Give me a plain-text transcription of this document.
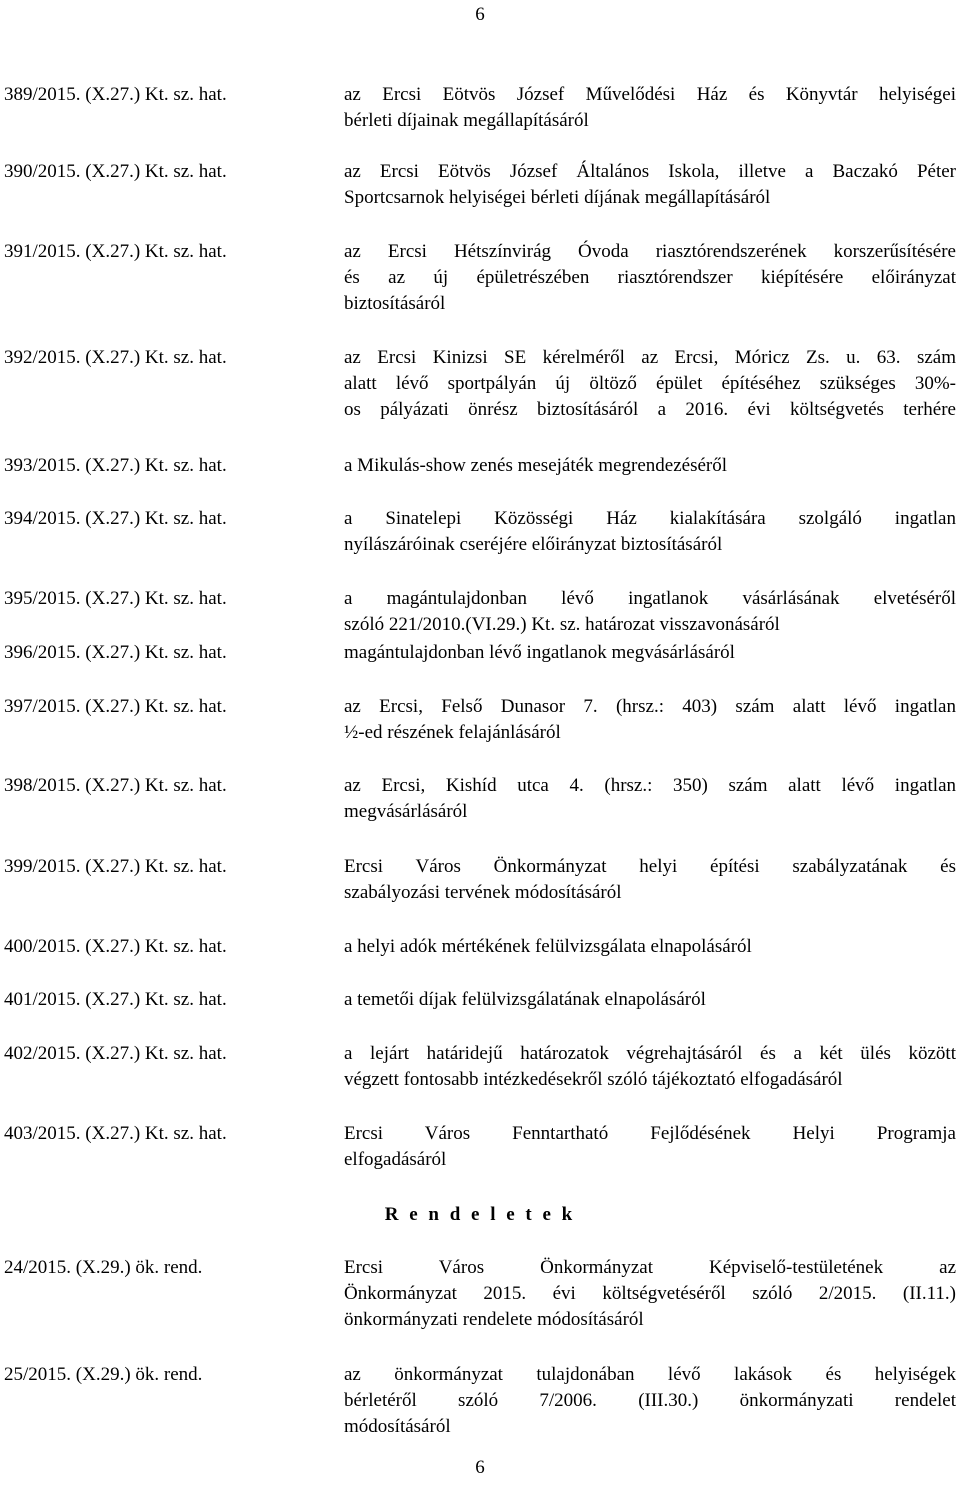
6
389/2015. (X.27.) Kt. sz. hat.	az Ercsi Eötvös József Művelődési Ház és Könyvtár helyiségei
bérleti díjainak megállapításáról
390/2015. (X.27.) Kt. sz. hat.	az Ercsi Eötvös József Általános Iskola, illetve a Baczakó Péter
Sportcsarnok helyiségei bérleti díjának megállapításáról
391/2015. (X.27.) Kt. sz. hat.	az Ercsi Hétszínvirág Óvoda riasztórendszerének korszerűsítésére
és az új épületrészében riasztórendszer kiépítésére előirányzat
biztosításáról
392/2015. (X.27.) Kt. sz. hat.	az Ercsi Kinizsi SE kérelméről az Ercsi, Móricz Zs. u. 63. szám
alatt lévő sportpályán új öltöző épület építéséhez szükséges 30%-
os pályázati önrész biztosításáról a 2016. évi költségvetés terhére
393/2015. (X.27.) Kt. sz. hat.	a Mikulás-show zenés mesejáték megrendezéséről
394/2015. (X.27.) Kt. sz. hat.	a Sinatelepi Közösségi Ház kialakítására szolgáló ingatlan
nyílászáróinak cseréjére előirányzat biztosításáról
395/2015. (X.27.) Kt. sz. hat.	a magántulajdonban lévő ingatlanok vásárlásának elvetéséről
szóló 221/2010.(VI.29.) Kt. sz. határozat visszavonásáról
396/2015. (X.27.) Kt. sz. hat.	magántulajdonban lévő ingatlanok megvásárlásáról
397/2015. (X.27.) Kt. sz. hat.	az Ercsi, Felső Dunasor 7. (hrsz.: 403) szám alatt lévő ingatlan
½-ed részének felajánlásáról
398/2015. (X.27.) Kt. sz. hat.	az Ercsi, Kishíd utca 4. (hrsz.: 350) szám alatt lévő ingatlan
megvásárlásáról
399/2015. (X.27.) Kt. sz. hat.	Ercsi Város Önkormányzat helyi építési szabályzatának és
szabályozási tervének módosításáról
400/2015. (X.27.) Kt. sz. hat.	a helyi adók mértékének felülvizsgálata elnapolásáról
401/2015. (X.27.) Kt. sz. hat.	a temetői díjak felülvizsgálatának elnapolásáról
402/2015. (X.27.) Kt. sz. hat.	a lejárt határidejű határozatok végrehajtásáról és a két ülés között
végzett fontosabb intézkedésekről szóló tájékoztató elfogadásáról
403/2015. (X.27.) Kt. sz. hat.	Ercsi Város Fenntartható Fejlődésének Helyi Programja
elfogadásáról
R e n d e l e t e k
24/2015. (X.29.) ök. rend.	Ercsi Város Önkormányzat Képviselő-testületének az
Önkormányzat 2015. évi költségvetéséről szóló 2/2015. (II.11.)
önkormányzati rendelete módosításáról
25/2015. (X.29.) ök. rend.	az önkormányzat tulajdonában lévő lakások és helyiségek
bérletéről szóló 7/2006. (III.30.) önkormányzati rendelet
módosításáról
6
